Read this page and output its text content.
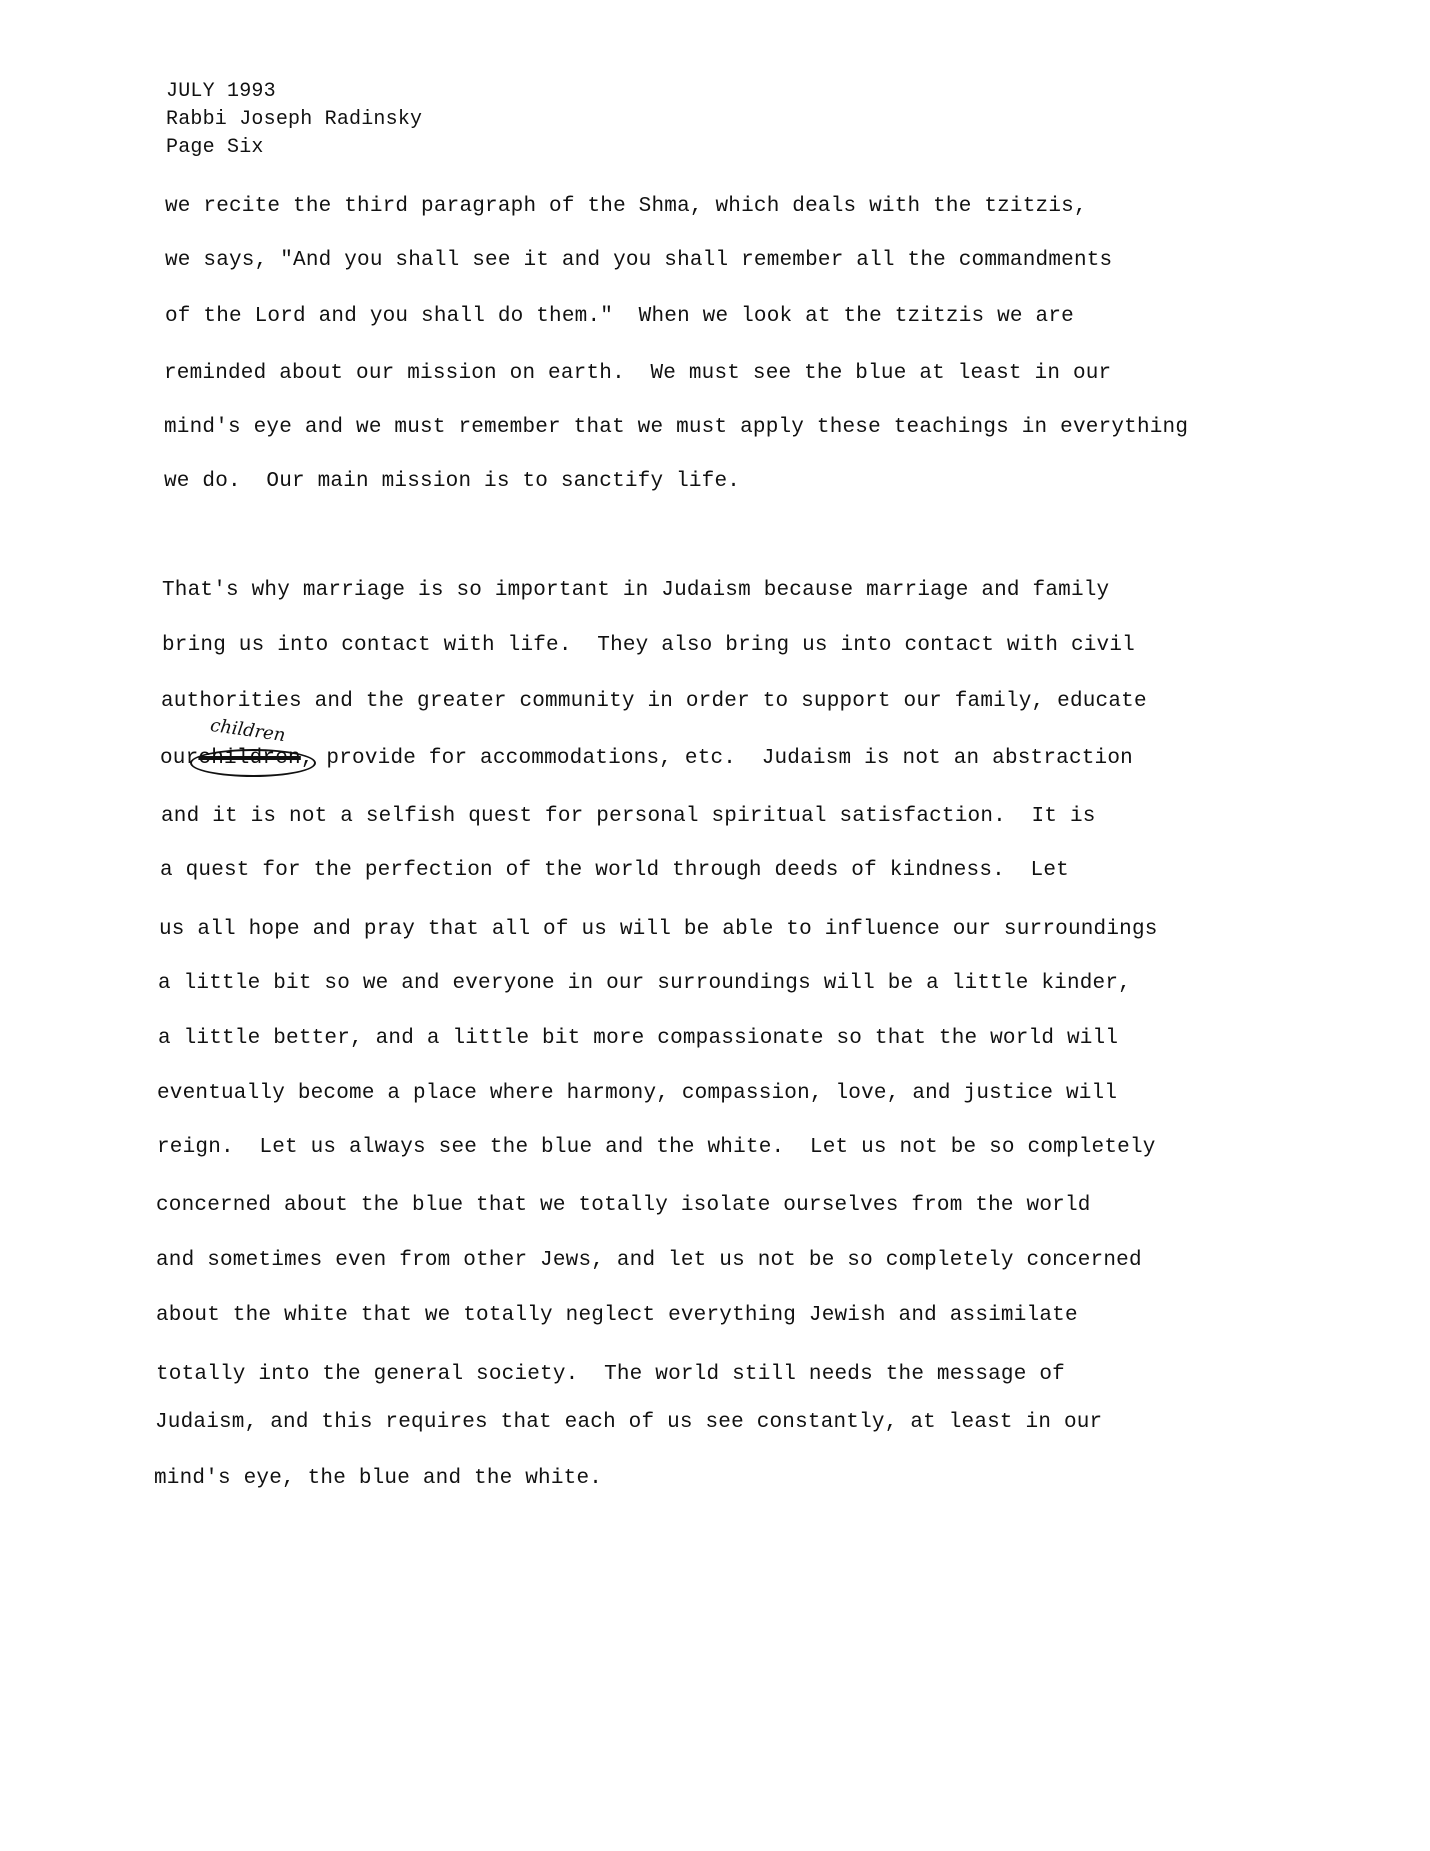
JULY 1993
Rabbi Joseph Radinsky
Page Six
we recite the third paragraph of the Shma, which deals with the tzitzis,
we says, "And you shall see it and you shall remember all the commandments
of the Lord and you shall do them."  When we look at the tzitzis we are
reminded about our mission on earth.  We must see the blue at least in our
mind's eye and we must remember that we must apply these teachings in everything
we do.  Our main mission is to sanctify life.
That's why marriage is so important in Judaism because marriage and family
bring us into contact with life.  They also bring us into contact with civil
authorities and the greater community in order to support our family, educate
children
ourchildren
, provide for accommodations, etc.  Judaism is not an abstraction
and it is not a selfish quest for personal spiritual satisfaction.  It is
a quest for the perfection of the world through deeds of kindness.  Let
us all hope and pray that all of us will be able to influence our surroundings
a little bit so we and everyone in our surroundings will be a little kinder,
a little better, and a little bit more compassionate so that the world will
eventually become a place where harmony, compassion, love, and justice will
reign.  Let us always see the blue and the white.  Let us not be so completely
concerned about the blue that we totally isolate ourselves from the world
and sometimes even from other Jews, and let us not be so completely concerned
about the white that we totally neglect everything Jewish and assimilate
totally into the general society.  The world still needs the message of
Judaism, and this requires that each of us see constantly, at least in our
mind's eye, the blue and the white.
